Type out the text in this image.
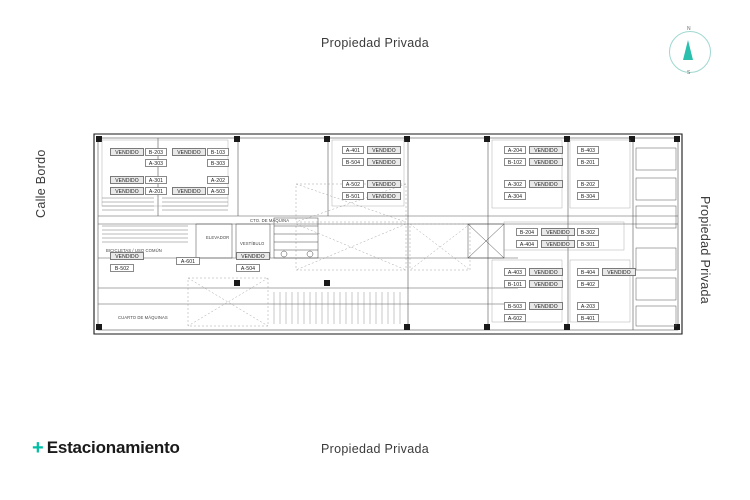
Propiedad Privada
Propiedad Privada
Calle Bordo
Propiedad Privada
N
S
+ Estacionamiento
VENDIDO	B-203	VENDIDO	B-103
A-303	B-303
VENDIDO	A-301	A-202
VENDIDO	A-201	VENDIDO	A-503
VENDIDO
A-601
VENDIDO
B-502	A-504
A-401	VENDIDO
B-504	VENDIDO
A-502	VENDIDO
B-501	VENDIDO
A-204	VENDIDO	B-403
B-102	VENDIDO	B-201
A-302	VENDIDO	B-202
A-304	B-304
B-204	VENDIDO	B-302
A-404	VENDIDO	B-301
A-403	VENDIDO	B-404	VENDIDO
B-101	VENDIDO	B-402
B-503	VENDIDO	A-203
A-602	B-401
ELEVADOR
VESTÍBULO
CTO. DE MÁQUINA
BICICLETAS / USO COMÚN
CUARTO DE MÁQUINAS
